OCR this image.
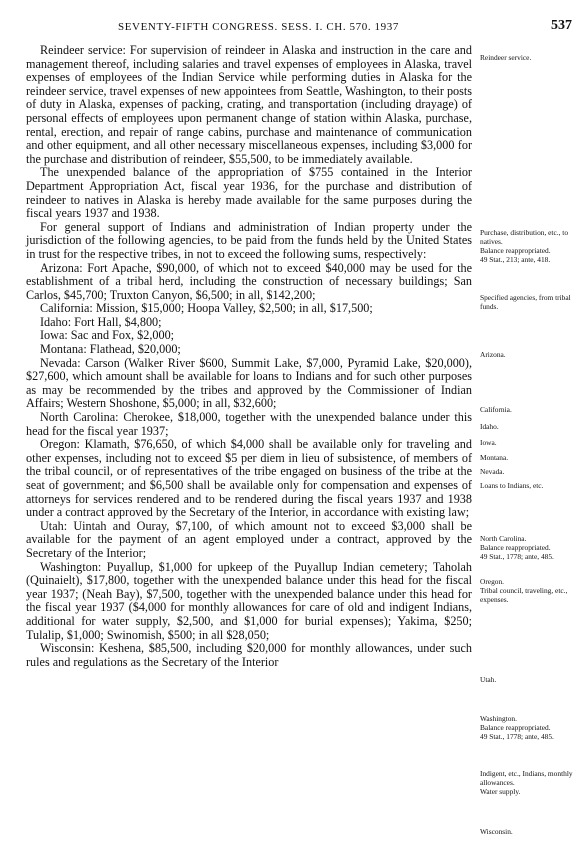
SEVENTY-FIFTH CONGRESS. SESS. I. CH. 570. 1937	537

Reindeer service: For supervision of reindeer in Alaska and instruction in the care and management thereof, including salaries and travel expenses of employees in Alaska, travel expenses of employees of the Indian Service while performing duties in Alaska for the reindeer service, travel expenses of new appointees from Seattle, Washington, to their posts of duty in Alaska, expenses of packing, crating, and transportation (including drayage) of personal effects of employees upon permanent change of station within Alaska, purchase, rental, erection, and repair of range cabins, purchase and maintenance of communication and other equipment, and all other necessary miscellaneous expenses, including $3,000 for the purchase and distribution of reindeer, $55,500, to be immediately available.

The unexpended balance of the appropriation of $755 contained in the Interior Department Appropriation Act, fiscal year 1936, for the purchase and distribution of reindeer to natives in Alaska is hereby made available for the same purposes during the fiscal years 1937 and 1938.

For general support of Indians and administration of Indian property under the jurisdiction of the following agencies, to be paid from the funds held by the United States in trust for the respective tribes, in not to exceed the following sums, respectively:

Arizona: Fort Apache, $90,000, of which not to exceed $40,000 may be used for the establishment of a tribal herd, including the construction of necessary buildings; San Carlos, $45,700; Truxton Canyon, $6,500; in all, $142,200;

California: Mission, $15,000; Hoopa Valley, $2,500; in all, $17,500;

Idaho: Fort Hall, $4,800;

Iowa: Sac and Fox, $2,000;

Montana: Flathead, $20,000;

Nevada: Carson (Walker River $600, Summit Lake, $7,000, Pyramid Lake, $20,000), $27,600, which amount shall be available for loans to Indians and for such other purposes as may be recommended by the tribes and approved by the Commissioner of Indian Affairs; Western Shoshone, $5,000; in all, $32,600;

North Carolina: Cherokee, $18,000, together with the unexpended balance under this head for the fiscal year 1937;

Oregon: Klamath, $76,650, of which $4,000 shall be available only for traveling and other expenses, including not to exceed $5 per diem in lieu of subsistence, of members of the tribal council, or of representatives of the tribe engaged on business of the tribe at the seat of government; and $6,500 shall be available only for compensation and expenses of attorneys for services rendered and to be rendered during the fiscal years 1937 and 1938 under a contract approved by the Secretary of the Interior, in accordance with existing law;

Utah: Uintah and Ouray, $7,100, of which amount not to exceed $3,000 shall be available for the payment of an agent employed under a contract, approved by the Secretary of the Interior;

Washington: Puyallup, $1,000 for upkeep of the Puyallup Indian cemetery; Taholah (Quinaielt), $17,800, together with the unexpended balance under this head for the fiscal year 1937; (Neah Bay), $7,500, together with the unexpended balance under this head for the fiscal year 1937 ($4,000 for monthly allowances for care of old and indigent Indians, additional for water supply, $2,500, and $1,000 for burial expenses); Yakima, $250; Tulalip, $1,000; Swinomish, $500; in all $28,050;

Wisconsin: Keshena, $85,500, including $20,000 for monthly allowances, under such rules and regulations as the Secretary of the Interior

Reindeer service.
Purchase, distribution, etc., to natives.
Balance reappropriated.
49 Stat., 213; ante, 418.
Specified agencies, from tribal funds.
Arizona.
California.
Idaho.
Iowa.
Montana.
Nevada.
Loans to Indians, etc.
North Carolina.
Balance reappropriated.
49 Stat., 1778; ante, 485.
Oregon.
Tribal council, traveling, etc., expenses.
Utah.
Washington.
Balance reappropriated.
49 Stat., 1778; ante, 485.
Indigent, etc., Indians, monthly allowances.
Water supply.
Wisconsin.
